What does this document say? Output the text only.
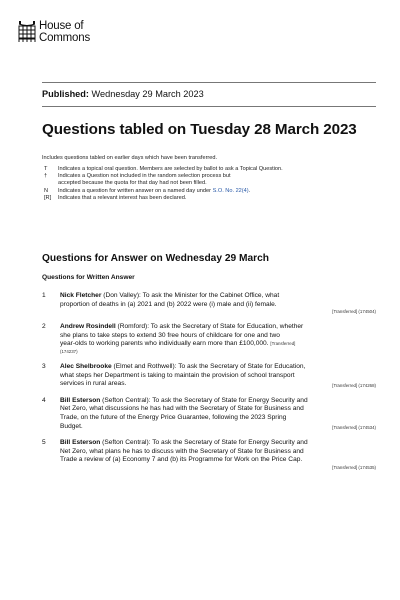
House of
Commons
Published: Wednesday 29 March 2023
Questions tabled on Tuesday 28 March 2023
Includes questions tabled on earlier days which have been transferred.
T	Indicates a topical oral question. Members are selected by ballot to ask a Topical Question.
†	Indicates a Question not included in the random selection process but
accepted because the quota for that day had not been filled.
N	Indicates a question for written answer on a named day under S.O. No. 22(4).
[R]	Indicates that a relevant interest has been declared.
Questions for Answer on Wednesday 29 March
Questions for Written Answer
1	Nick Fletcher (Don Valley): To ask the Minister for the Cabinet Office, what
proportion of deaths in (a) 2021 and (b) 2022 were (i) male and (ii) female.
[Transferred] (174504)
2	Andrew Rosindell (Romford): To ask the Secretary of State for Education, whether
she plans to take steps to extend 30 free hours of childcare for one and two
year-olds to working parents who individually earn more than £100,000. [Transferred]
(174237)
3	Alec Shelbrooke (Elmet and Rothwell): To ask the Secretary of State for Education,
what steps her Department is taking to maintain the provision of school transport
services in rural areas.	[Transferred] (174268)
4	Bill Esterson (Sefton Central): To ask the Secretary of State for Energy Security and
Net Zero, what discussions he has had with the Secretary of State for Business and
Trade, on the future of the Energy Price Guarantee, following the 2023 Spring
Budget.	[Transferred] (174534)
5	Bill Esterson (Sefton Central): To ask the Secretary of State for Energy Security and
Net Zero, what plans he has to discuss with the Secretary of State for Business and
Trade a review of (a) Economy 7 and (b) its Programme for Work on the Price Cap.
[Transferred] (174535)
